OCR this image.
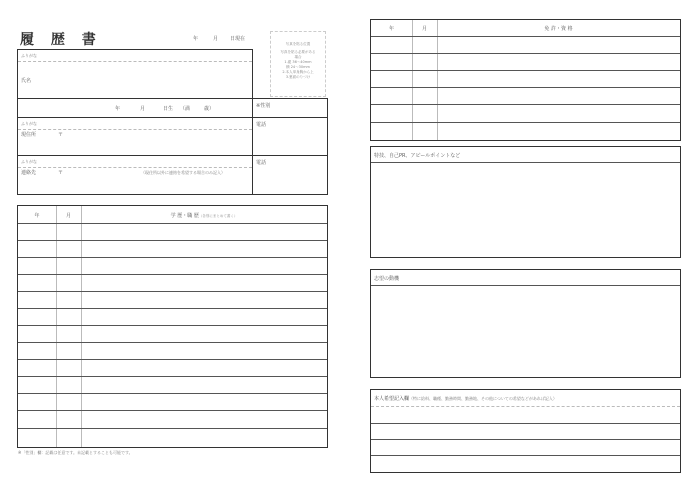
履 歴 書	年	月 日現在
写真を貼る位置
写真を貼る必要がある
場合
1.縦 36〜40mm
横 24〜30mm
2.本人単身胸から上
3.裏面のりづけ
ふりがな
氏名
年	月	日生 （満	歳）	※性別
ふりがな
現住所	〒
電話
ふりがな
連絡先	〒	（現住所以外に連絡を希望する場合のみ記入）
電話
年	月	学 歴・職 歴（各別にまとめて書く）
※「性別」欄：記載は任意です。未記載とすることも可能です。
年	月	免 許・資 格
特技、自己PR、アピールポイントなど
志望の動機
本人希望記入欄 （特に給料、職種、勤務時間、勤務地、その他についての希望などがあれば記入）
